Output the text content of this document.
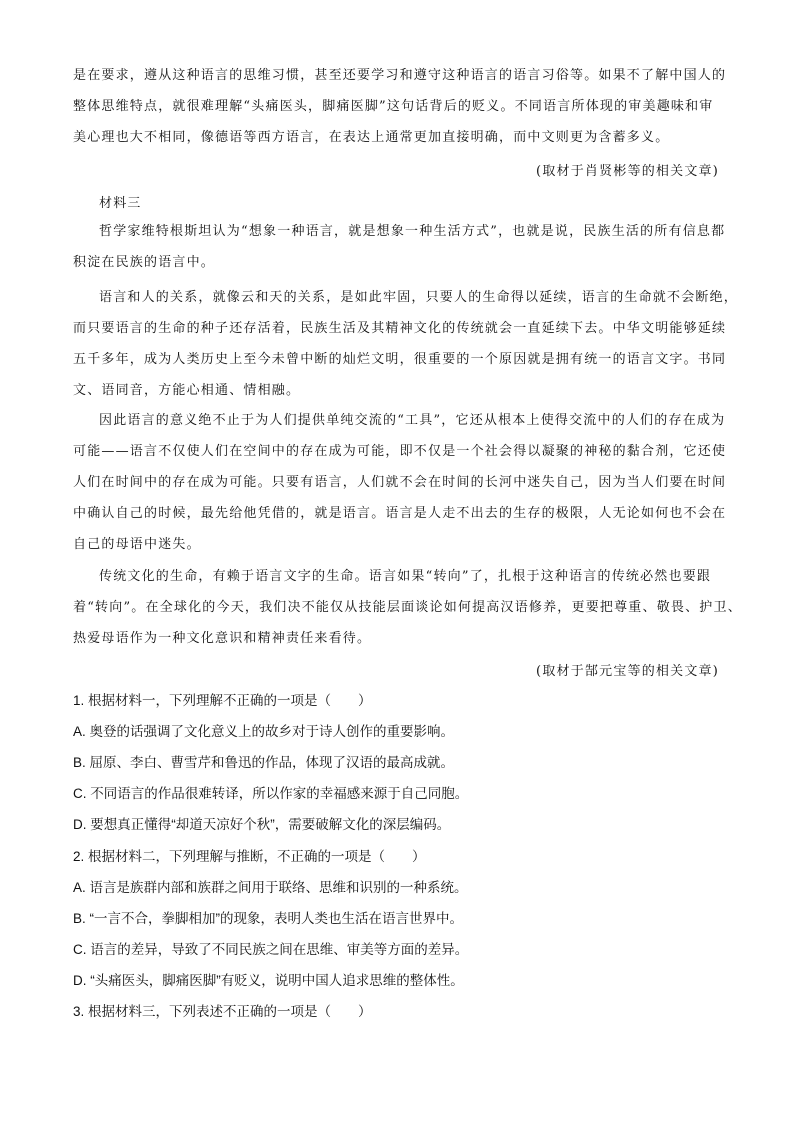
是在要求，遵从这种语言的思维习惯，甚至还要学习和遵守这种语言的语言习俗等。如果不了解中国人的
整体思维特点，就很难理解“头痛医头，脚痛医脚”这句话背后的贬义。不同语言所体现的审美趣味和审
美心理也大不相同，像德语等西方语言，在表达上通常更加直接明确，而中文则更为含蓄多义。
(取材于肖贤彬等的相关文章)
材料三
哲学家维特根斯坦认为“想象一种语言，就是想象一种生活方式”，也就是说，民族生活的所有信息都
积淀在民族的语言中。
语言和人的关系，就像云和天的关系，是如此牢固，只要人的生命得以延续，语言的生命就不会断绝，
而只要语言的生命的种子还存活着，民族生活及其精神文化的传统就会一直延续下去。中华文明能够延续
五千多年，成为人类历史上至今未曾中断的灿烂文明，很重要的一个原因就是拥有统一的语言文字。书同
文、语同音，方能心相通、情相融。
因此语言的意义绝不止于为人们提供单纯交流的“工具”，它还从根本上使得交流中的人们的存在成为
可能——语言不仅使人们在空间中的存在成为可能，即不仅是一个社会得以凝聚的神秘的黏合剂，它还使
人们在时间中的存在成为可能。只要有语言，人们就不会在时间的长河中迷失自己，因为当人们要在时间
中确认自己的时候，最先给他凭借的，就是语言。语言是人走不出去的生存的极限，人无论如何也不会在
自己的母语中迷失。
传统文化的生命，有赖于语言文字的生命。语言如果“转向”了，扎根于这种语言的传统必然也要跟
着“转向”。在全球化的今天，我们决不能仅从技能层面谈论如何提高汉语修养，更要把尊重、敬畏、护卫、
热爱母语作为一种文化意识和精神责任来看待。
(取材于郜元宝等的相关文章)
1. 根据材料一，下列理解不正确的一项是（　　）
A. 奥登的话强调了文化意义上的故乡对于诗人创作的重要影响。
B. 屈原、李白、曹雪芹和鲁迅的作品，体现了汉语的最高成就。
C. 不同语言的作品很难转译，所以作家的幸福感来源于自己同胞。
D. 要想真正懂得“却道天凉好个秋”，需要破解文化的深层编码。
2. 根据材料二，下列理解与推断，不正确的一项是（　　）
A. 语言是族群内部和族群之间用于联络、思维和识别的一种系统。
B. “一言不合，拳脚相加”的现象，表明人类也生活在语言世界中。
C. 语言的差异，导致了不同民族之间在思维、审美等方面的差异。
D. “头痛医头，脚痛医脚”有贬义，说明中国人追求思维的整体性。
3. 根据材料三，下列表述不正确的一项是（　　）
